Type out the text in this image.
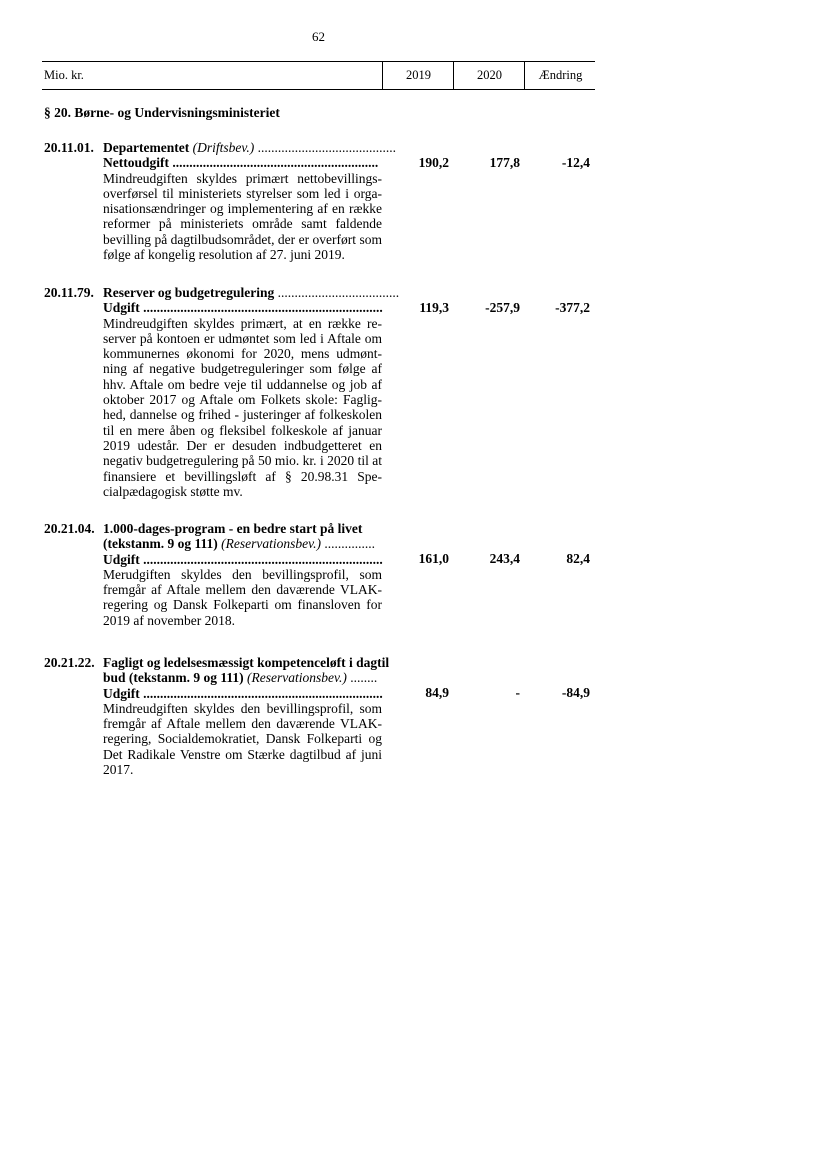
62
Mio. kr.	2019	2020	Ændring
§ 20. Børne- og Undervisningsministeriet
20.11.01. Departementet (Driftsbev.) .........................................
Nettoudgift .............................................................
Mindreudgiften skyldes primært nettobevillingsoverførsel til ministeriets styrelser som led i organisationsændringer og implementering af en række reformer på ministeriets område samt faldende bevilling på dagtilbudsområdet, der er overført som følge af kongelig resolution af 27. juni 2019.
190,2	177,8	-12,4
20.11.79. Reserver og budgetregulering ....................................
Udgift .......................................................................
Mindreudgiften skyldes primært, at en række reserver på kontoen er udmøntet som led i Aftale om kommunernes økonomi for 2020, mens udmøntning af negative budgetreguleringer som følge af hhv. Aftale om bedre veje til uddannelse og job af oktober 2017 og Aftale om Folkets skole: Faglighed, dannelse og frihed - justeringer af folkeskolen til en mere åben og fleksibel folkeskole af januar 2019 udestår. Der er desuden indbudgetteret en negativ budgetregulering på 50 mio. kr. i 2020 til at finansiere et bevillingsløft af § 20.98.31 Specialpædagogisk støtte mv.
119,3	-257,9	-377,2
20.21.04. 1.000-dages-program - en bedre start på livet
(tekstanm. 9 og 111) (Reservationsbev.) ...............
Udgift .......................................................................
Merudgiften skyldes den bevillingsprofil, som fremgår af Aftale mellem den daværende VLAK-regering og Dansk Folkeparti om finansloven for 2019 af november 2018.
161,0	243,4	82,4
20.21.22. Fagligt og ledelsesmæssigt kompetenceløft i dagtil
bud (tekstanm. 9 og 111) (Reservationsbev.) ........
Udgift .......................................................................
Mindreudgiften skyldes den bevillingsprofil, som fremgår af Aftale mellem den daværende VLAK-regering, Socialdemokratiet, Dansk Folkeparti og Det Radikale Venstre om Stærke dagtilbud af juni 2017.
84,9	-	-84,9
